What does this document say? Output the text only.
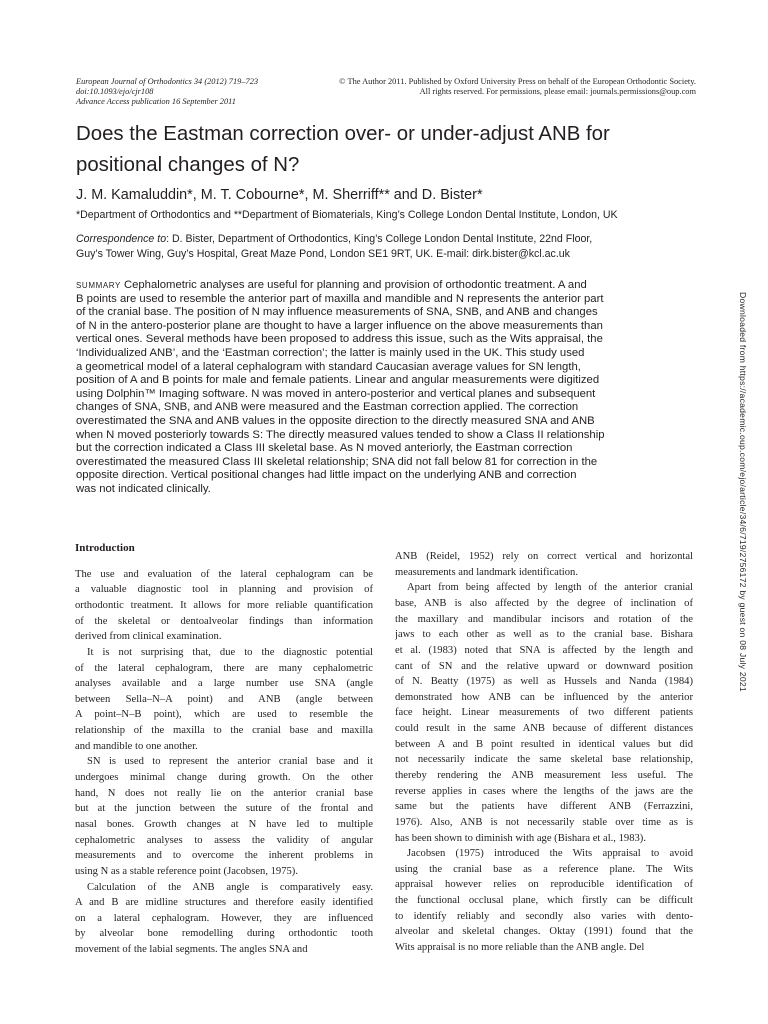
European Journal of Orthodontics 34 (2012) 719–723
doi:10.1093/ejo/cjr108
Advance Access publication 16 September 2011
© The Author 2011. Published by Oxford University Press on behalf of the European Orthodontic Society.
All rights reserved. For permissions, please email: journals.permissions@oup.com
Does the Eastman correction over- or under-adjust ANB for positional changes of N?
J. M. Kamaluddin*, M. T. Cobourne*, M. Sherriff** and D. Bister*
*Department of Orthodontics and **Department of Biomaterials, King’s College London Dental Institute, London, UK
Correspondence to: D. Bister, Department of Orthodontics, King’s College London Dental Institute, 22nd Floor,
Guy’s Tower Wing, Guy’s Hospital, Great Maze Pond, London SE1 9RT, UK. E-mail: dirk.bister@kcl.ac.uk
SUMMARY Cephalometric analyses are useful for planning and provision of orthodontic treatment. A and
B points are used to resemble the anterior part of maxilla and mandible and N represents the anterior part
of the cranial base. The position of N may influence measurements of SNA, SNB, and ANB and changes
of N in the antero-posterior plane are thought to have a larger influence on the above measurements than
vertical ones. Several methods have been proposed to address this issue, such as the Wits appraisal, the
‘Individualized ANB’, and the ‘Eastman correction’; the latter is mainly used in the UK. This study used
a geometrical model of a lateral cephalogram with standard Caucasian average values for SN length,
position of A and B points for male and female patients. Linear and angular measurements were digitized
using Dolphin™ Imaging software. N was moved in antero-posterior and vertical planes and subsequent
changes of SNA, SNB, and ANB were measured and the Eastman correction applied. The correction
overestimated the SNA and ANB values in the opposite direction to the directly measured SNA and ANB
when N moved posteriorly towards S: The directly measured values tended to show a Class II relationship
but the correction indicated a Class III skeletal base. As N moved anteriorly, the Eastman correction
overestimated the measured Class III skeletal relationship; SNA did not fall below 81 for correction in the
opposite direction. Vertical positional changes had little impact on the underlying ANB and correction
was not indicated clinically.
Introduction
The use and evaluation of the lateral cephalogram can be
a valuable diagnostic tool in planning and provision of
orthodontic treatment. It allows for more reliable quantification
of the skeletal or dentoalveolar findings than information
derived from clinical examination.
It is not surprising that, due to the diagnostic potential
of the lateral cephalogram, there are many cephalometric
analyses available and a large number use SNA (angle
between Sella–N–A point) and ANB (angle between
A point–N–B point), which are used to resemble the
relationship of the maxilla to the cranial base and maxilla
and mandible to one another.
SN is used to represent the anterior cranial base and it
undergoes minimal change during growth. On the other
hand, N does not really lie on the anterior cranial base
but at the junction between the suture of the frontal and
nasal bones. Growth changes at N have led to multiple
cephalometric analyses to assess the validity of angular
measurements and to overcome the inherent problems in
using N as a stable reference point (Jacobsen, 1975).
Calculation of the ANB angle is comparatively easy.
A and B are midline structures and therefore easily identified
on a lateral cephalogram. However, they are influenced
by alveolar bone remodelling during orthodontic tooth
movement of the labial segments. The angles SNA and
ANB (Reidel, 1952) rely on correct vertical and horizontal
measurements and landmark identification.
Apart from being affected by length of the anterior cranial
base, ANB is also affected by the degree of inclination of
the maxillary and mandibular incisors and rotation of the
jaws to each other as well as to the cranial base. Bishara
et al. (1983) noted that SNA is affected by the length and
cant of SN and the relative upward or downward position
of N. Beatty (1975) as well as Hussels and Nanda (1984)
demonstrated how ANB can be influenced by the anterior
face height. Linear measurements of two different patients
could result in the same ANB because of different distances
between A and B point resulted in identical values but did
not necessarily indicate the same skeletal base relationship,
thereby rendering the ANB measurement less useful. The
reverse applies in cases where the lengths of the jaws are the
same but the patients have different ANB (Ferrazzini,
1976). Also, ANB is not necessarily stable over time as is
has been shown to diminish with age (Bishara et al., 1983).
Jacobsen (1975) introduced the Wits appraisal to avoid
using the cranial base as a reference plane. The Wits
appraisal however relies on reproducible identification of
the functional occlusal plane, which firstly can be difficult
to identify reliably and secondly also varies with dento-
alveolar and skeletal changes. Oktay (1991) found that the
Wits appraisal is no more reliable than the ANB angle. Del
Downloaded from https://academic.oup.com/ejo/article/34/6/719/2756172 by guest on 08 July 2021
